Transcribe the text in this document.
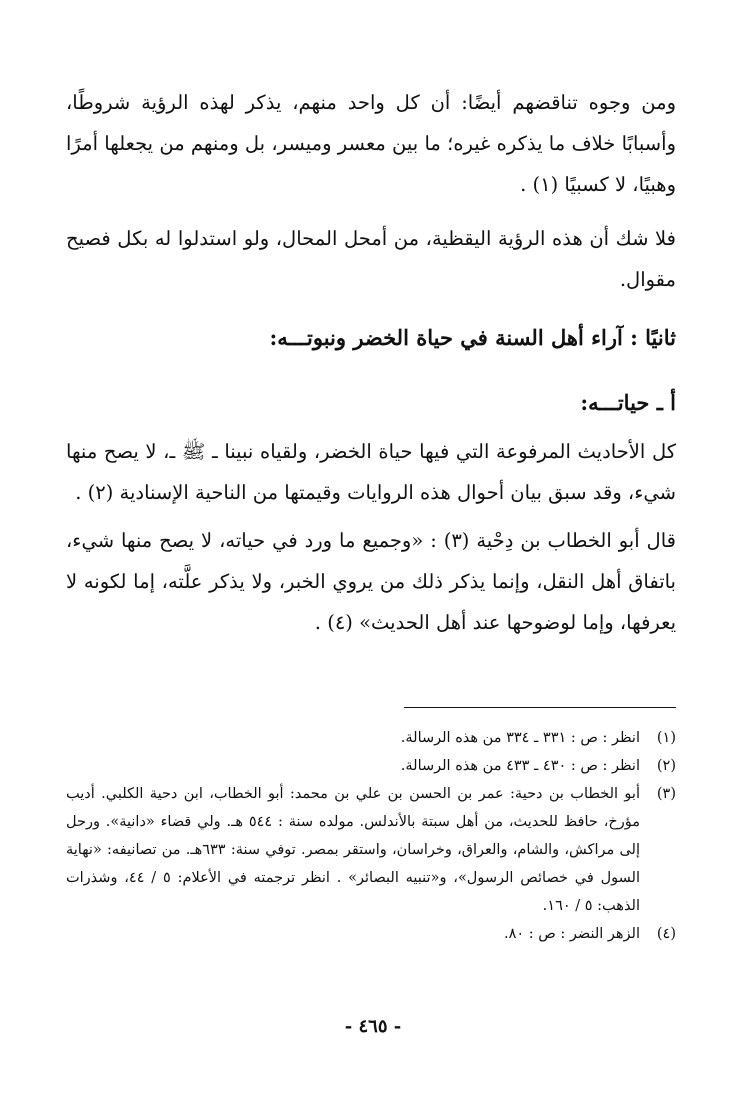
ومن وجوه تناقضهم أيضًا: أن كل واحد منهم، يذكر لهذه الرؤية شروطًا، وأسبابًا خلاف ما يذكره غيره؛ ما بين معسر وميسر، بل ومنهم من يجعلها أمرًا وهبيًا، لا كسبيًا (١) .

فلا شك أن هذه الرؤية اليقظية، من أمحل المحال، ولو استدلوا له بكل فصيح مقوال.

ثانيًا : آراء أهل السنة في حياة الخضر ونبوتـــه:
أ ـ حياتـــه:

كل الأحاديث المرفوعة التي فيها حياة الخضر، ولقياه نبينا ـ ﷺ ـ، لا يصح منها شيء، وقد سبق بيان أحوال هذه الروايات وقيمتها من الناحية الإسنادية (٢) .

قال أبو الخطاب بن دِحْية (٣) : «وجميع ما ورد في حياته، لا يصح منها شيء، باتفاق أهل النقل، وإنما يذكر ذلك من يروي الخبر، ولا يذكر علَّته، إما لكونه لا يعرفها، وإما لوضوحها عند أهل الحديث» (٤) .

(١)
انظر : ص : ٣٣١ ـ ٣٣٤ من هذه الرسالة.
(٢)
انظر : ص : ٤٣٠ ـ ٤٣٣ من هذه الرسالة.
(٣)
أبو الخطاب بن دحية: عمر بن الحسن بن علي بن محمد: أبو الخطاب، ابن دحية الكلبي. أديب مؤرخ، حافظ للحديث، من أهل سبتة بالأندلس. مولده سنة : ٥٤٤ هـ. ولي قضاء «دانية». ورحل إلى مراكش، والشام، والعراق، وخراسان، واستقر بمصر. توفي سنة: ٦٣٣هـ. من تصانيفه: «نهاية السول في خصائص الرسول»، و«تنبيه البصائر» . انظر ترجمته في الأعلام: ٥ / ٤٤، وشذرات الذهب: ٥ / ١٦٠.
(٤)
الزهر النضر : ص : ٨٠.
- ٤٦٥ -
